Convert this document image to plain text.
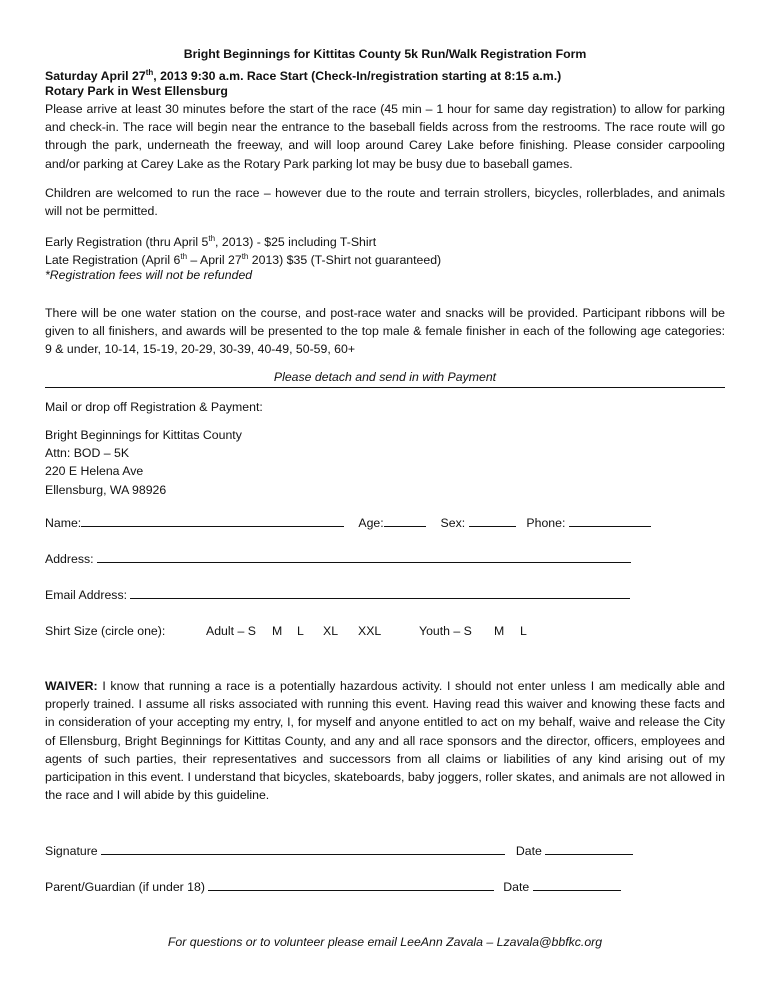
Bright Beginnings for Kittitas County 5k Run/Walk Registration Form
Saturday April 27th, 2013 9:30 a.m. Race Start (Check-In/registration starting at 8:15 a.m.)
Rotary Park in West Ellensburg

Please arrive at least 30 minutes before the start of the race (45 min – 1 hour for same day registration) to allow for parking and check-in. The race will begin near the entrance to the baseball fields across from the restrooms. The race route will go through the park, underneath the freeway, and will loop around Carey Lake before finishing. Please consider carpooling and/or parking at Carey Lake as the Rotary Park parking lot may be busy due to baseball games.

Children are welcomed to run the race – however due to the route and terrain strollers, bicycles, rollerblades, and animals will not be permitted.

Early Registration (thru April 5th, 2013) - $25 including T-Shirt
Late Registration (April 6th – April 27th 2013) $35 (T-Shirt not guaranteed)
*Registration fees will not be refunded

There will be one water station on the course, and post-race water and snacks will be provided. Participant ribbons will be given to all finishers, and awards will be presented to the top male & female finisher in each of the following age categories: 9 & under, 10-14, 15-19, 20-29, 30-39, 40-49, 50-59, 60+

Please detach and send in with Payment
Mail or drop off Registration & Payment:
Bright Beginnings for Kittitas County
Attn: BOD – 5K
220 E Helena Ave
Ellensburg, WA 98926
Name:	Age:	Sex:	Phone:
Address:
Email Address:
Shirt Size (circle one):	Adult – S M L XL XXL	Youth – S M L

WAIVER: I know that running a race is a potentially hazardous activity. I should not enter unless I am medically able and properly trained. I assume all risks associated with running this event. Having read this waiver and knowing these facts and in consideration of your accepting my entry, I, for myself and anyone entitled to act on my behalf, waive and release the City of Ellensburg, Bright Beginnings for Kittitas County, and any and all race sponsors and the director, officers, employees and agents of such parties, their representatives and successors from all claims or liabilities of any kind arising out of my participation in this event. I understand that bicycles, skateboards, baby joggers, roller skates, and animals are not allowed in the race and I will abide by this guideline.

Signature	Date
Parent/Guardian (if under 18)	Date
For questions or to volunteer please email LeeAnn Zavala – Lzavala@bbfkc.org
